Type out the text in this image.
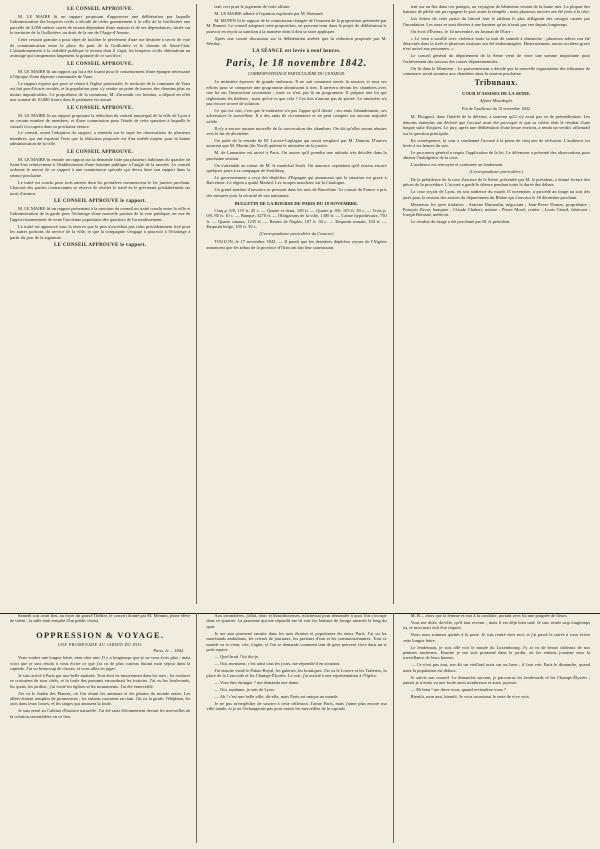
LE CONSEIL APPROUVE.

M. LE MAIRE lit un rapport proposant d'approuver une délibération par laquelle l'administration des hospices civils a décidé de céder gratuitement à la ville de la Guillotière une parcelle de 3,000 mètres carrés de terrain dépendant d'une maison et de ses dépendances, située sur le territoire de la Guillotière, au droit de la rue de l'Ange-d'Amour.

Cette cession gratuite a pour objet de faciliter le percement d'une rue destinée à servir de voie de communication entre la place du pont de la Guillotière et le chemin de Saint-Clair. L'abandonnement à la viabilité publique le terrain dont il s'agit, les hospices civils obtiendront un avantage qui compensera largement la gratuité de ce sacrifice.

LE CONSEIL APPROUVE.

M. LE MAIRE lit un rapport qui lui a été fourni pour le consentement d'une épargne nécessaire à l'époque d'une dépense communale de Vaux.

Le rapport expose que pour se réunir à l'église paroissiale, le territoire de la commune de Vaux est fait peu d'écarts reculés, et la population pour s'y rendre au point de travers des chemins plus ou moins impraticables. Ce propriétaire de la commune, M. d'arrondir ces besoins, a déposé en effet une somme de 10,000 francs dont le paiement est assuré.

LE CONSEIL APPROUVE.

M. LE MAIRE lit un rapport proposant la réduction du conseil municipal de la ville de Lyon à un certain nombre de membres, et d'une commission pour l'étude de cette question à laquelle le conseil s'occupera dans sa prochaine séance.

Le conseil, avant l'adoption du rapport, a entendu sur le sujet les observations de plusieurs membres, qui ont exprimé l'avis que la réduction proposée est d'un intérêt majeur pour la bonne administration de la ville.

LE CONSEIL APPROUVE.

M. LE MAIRE lit ensuite un rapport sur la demande faite par plusieurs habitants du quartier de Saint-Just relativement à l'établissement d'une fontaine publique à l'angle de la montée. Le conseil ordonne le renvoi de ce rapport à une commission spéciale qui devra faire son rapport dans la séance prochaine.

Le traité est conclu pour trois années dont les premières commencent le 1er janvier prochain. Chacune des parties contractantes se réserve de résilier le traité en le prévenant préalablement six mois d'avance.

LE CONSEIL APPROUVE le rapport.

M. LE MAIRE lit un rapport présentant à la sanction du conseil un traité conclu entre la ville et l'administration de la garde pour l'éclairage d'une nouvelle portion de la voie publique, en vue de l'approvisionnement de toute l'ancienne population des quartiers de l'arrondissement.

Le traité est approuvé sous la réserve que le prix n'excédera pas celui précédemment fixé pour les autres portions du service de la ville, et que la compagnie s'engage à pourvoir à l'éclairage à partir du jour de la signature.

LE CONSEIL APPROUVE le rapport.

trait ceci pour le jugement de cette affaire.

M. LE MAIRE adhère à l'opinion exprimée par M. Bonnard.

M. MONIN lit le rapport de la commission chargée de l'examen de la proposition présentée par M. Bonnet. Le conseil adoptant cette proposition, en pouvant tenir dans le projet de délibération le pouvoir en reçoit sa sanction à la manière dont il doit se faire appliquer.

Après une courte discussion sur la délibération arrêtée que la rédaction proposée par M. Sérulaz.

LA SÉANCE est levée à neuf heures.
Paris, le 18 novembre 1842.
CORRESPONDANCE PARTICULIÈRE DU CENSEUR.

Le ministère éprouve de grands embarras. Il ne sait comment ouvrir la session, et tous ses efforts pour se composer une programme aboutissent à rien. Il arrivera devant les chambres avec une loi sur l'instruction secondaire ; mais ce n'est pas là un programme. Il prépare une loi qui règlemente les théâtres ; mais qu'est-ce que cela ? Ces lois n'auront pas de portée. Le ministère n'a pas encore trouvé de solution.

Ce qui est vrai, c'est que le ministère n'a pas l'appui qu'il désire ; ses amis l'abandonnent, ses adversaires le surveillent. Il a des amis de circonstance et ne peut compter sur aucune majorité solide.

Il n'y a encore aucune nouvelle de la convocation des chambres. On dit qu'elles seront réunies vers la fin de décembre.

On parle de la retraite de M. Lacave-Laplagne qui serait remplacé par M. Dumon. D'autres assurent que M. Martin (du Nord) quittera le ministère de la justice.

M. de Lamartine est arrivé à Paris. On assure qu'il prendra une attitude très décidée dans la prochaine session.

On s'attendait au retour de M. le maréchal Soult. On annonce cependant qu'il restera encore quelques jours à sa campagne de Soultberg.

Le gouvernement a reçu des dépêches d'Espagne qui annoncent que la situation est grave à Barcelone. Le régent a quitté Madrid. Les troupes marchent sur la Catalogne.

Un grand nombre d'ouvriers se pressent dans les rues de Barcelone. Le consul de France a pris des mesures pour la sécurité de nos nationaux.

BULLETIN DE LA BOURSE DE PARIS DU 18 NOVEMBRE.

Cinq p. 0/0, 119 fr. 45 c. — Quatre et demi, 108 fr. — Quatre p. 0/0, 103 fr. 50 c. — Trois p. 0/0, 80 fr. 10 c. — Banque, 3270 fr. — Obligations de la ville, 1300 fr. — Caisse hypothécaire, 750 fr. — Quatre canaux, 1235 fr. — Rentes de Naples, 107 fr. 30 c. — Emprunt romain, 104 fr. — Emprunt belge, 105 fr. 50 c.

(Correspondance particulière du Censeur.)

TOULON, le 17 novembre 1842. — Il paraît que les dernières dépêches reçues de l'Algérie annoncent que les tribus de la province d'Oran ont fait leur soumission.

tent sur un flot dans ces parages, un voyageur de bâtiments venant de la haute mer. La plupart des bateaux de pêche ont pu regagner le port avant la tempête ; mais plusieurs navires ont été jetés à la côte.

Les lettres de cette partie du littoral font le tableau le plus affligeant des ravages causés par l'inondation. Les eaux se sont élevées à une hauteur qu'on n'avait pas vue depuis longtemps.

On écrit d'Évreux, le 14 novembre, au Journal de l'Eure :

« Le vent a soufflé avec violence toute la nuit de samedi à dimanche ; plusieurs arbres ont été déracinés dans la forêt et plusieurs maisons ont été endommagées. Heureusement, aucun accident grave n'est arrivé aux personnes. »

Le conseil général du département de la Seine vient de voter une somme importante pour l'achèvement des travaux des routes départementales.

On lit dans le Moniteur : Le gouvernement a décidé que la nouvelle organisation des tribunaux de commerce serait soumise aux chambres dans la session prochaine.

Tribunaux.
COUR D'ASSISES DE LA SEINE.
Affaire Mourdoglu.
Fin de l'audience du 15 novembre 1842.

M. Plougoul, dans l'intérêt de la défense, a soutenu qu'il n'y avait pas eu de préméditation. Les témoins entendus ont déclaré que l'accusé avait été provoqué et que sa colère était le résultat d'une longue suite d'injures. Le jury, après une délibération d'une heure environ, a rendu un verdict affirmatif sur la question principale.

En conséquence, la cour a condamné l'accusé à la peine de cinq ans de réclusion. L'audience est levée à six heures du soir.

Le procureur général a requis l'application de la loi. Le défenseur a présenté des observations pour obtenir l'indulgence de la cour.

L'audience est renvoyée et continuée au lendemain.

(Correspondance particulière.)

De la présidence de la cour d'assises de la Seine, présentée par M. le président, a donné lecture des pièces de la procédure. L'accusé a gardé le silence pendant toute la durée des débats.

La cour royale de Lyon, en son audience du mardi 15 novembre, a procédé au tirage au sort des jurés pour la session des assises du département du Rhône qui s'ouvrira le 18 décembre prochain.

Messieurs les jurés titulaires : Antoine Dumoulin, négociant ; Jean-Pierre Dumas, propriétaire ; François Favre, banquier ; Claude Chabert, notaire ; Pierre Morel, rentier ; Louis Girard, fabricant ; Joseph Bernard, médecin.

Le résultat du tirage a été proclamé par M. le président.

Samedi soir avait lieu, au foyer du grand-Théâtre, le concert donné par M. Mennin, jeune élève de talent ; la salle était remplie d'un public choisi.

OPPRESSION & VOYAGE.
UNE PROMENADE AU JARDIN DU ROI.
Paris, le ... 1842.

Vous voulez une longue lettre, mon cher ami. Il y a longtemps que je ne vous écris plus ; mais voici que je suis résolu à vous écrire ce que j'ai vu de plus curieux durant mon séjour dans la capitale. J'ai vu beaucoup de choses, et vous allez en juger.

Je suis arrivé à Paris par une belle matinée. Tout était en mouvement dans les rues ; les voitures se croisaient de tous côtés, et la foule des passants encombrait les trottoirs. J'ai vu les boulevards, les quais, les jardins ; j'ai visité les églises et les monuments. J'ai été émerveillé.

J'ai vu le Jardin des Plantes, où l'on réunit les animaux et les plantes du monde entier. Les allées étaient remplies de promeneurs ; les enfants couraient en riant. J'ai vu la girafe, l'éléphant, les ours dans leurs fosses, et les singes qui amusent la foule.

Je suis entré au Cabinet d'histoire naturelle. J'ai été saisi d'étonnement devant les merveilles de la création rassemblées en ce lieu.

Aux lavandières, j'allai, donc et blanchisseuses, m'adressai pour demander à quoi l'on s'occupe dans ce quartier. La personne qui me répondit me fit voir les bateaux de lavage amarrés le long du quai.

Je me suis promené ensuite dans les rues étroites et populeuses du vieux Paris. J'ai vu les marchands ambulants, les crieurs de journaux, les porteurs d'eau et les commissionnaires. Tout ce monde va et vient, crie, s'agite, et l'on se demande comment tant de gens peuvent vivre dans un si petit espace.

— Quel bruit ! lui dis-je.

— Oui, monsieur, c'est ainsi tous les jours, me répondit-il en souriant.

J'ai ensuite visité le Palais-Royal, les galeries, les boutiques. J'ai vu le Louvre et les Tuileries, la place de la Concorde et les Champs-Élysées. Le soir, j'ai assisté à une représentation à l'Opéra.

— Vous êtes étranger ? me demanda une dame.

— Oui, madame, je suis de Lyon.

— Ah ! c'est une belle ville, dit-elle, mais Paris est unique au monde.

Je ne pus m'empêcher de sourire à cette réflexion. J'aime Paris, mais j'aime plus encore ma ville natale, et je ne l'échangerais pas pour toutes les merveilles de la capitale.

M. B..., alors que la femme et moi à la conduite, portant avec lui une poignée de fleurs.

Vous me dites, dit-elle, qu'il faut revenir ; mais il est déjà bien tard. Je suis restée trop longtemps ici, et mon mari doit être inquiet.

Nous nous sommes quittés à la porte. Je suis rentré chez moi, et j'ai passé la soirée à vous écrire cette longue lettre.

Le lendemain, je suis allé voir le musée du Luxembourg. J'y ai vu de beaux tableaux de nos peintres modernes. Ensuite je me suis promené dans le jardin, où les enfants jouaient sous la surveillance de leurs bonnes.

— Ce n'est pas tout, me dit un vieillard assis sur un banc ; il faut voir Paris le dimanche, quand toute la population est dehors.

Je suivis son conseil. Le dimanche suivant, je parcourus les boulevards et les Champs-Élysées ; jamais je n'avais vu une foule aussi nombreuse et aussi joyeuse.

— Eh bien ! me direz-vous, quand reviendrez-vous ?

Bientôt, mon ami, bientôt. Je vous raconterai le reste de vive voix.
